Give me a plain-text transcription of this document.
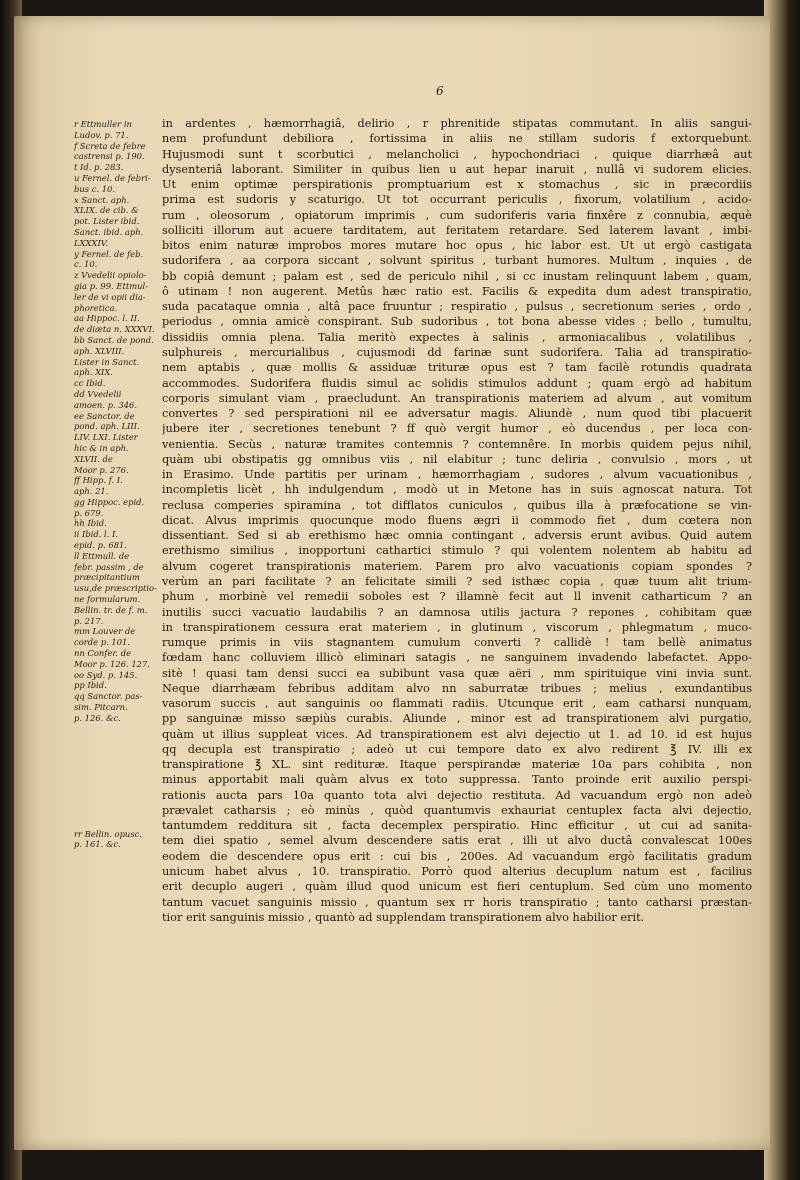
6

r Ettmuller in
Ludov. p. 71.
f Screta de febre
castrensi p. 190.
t Id. p. 283.
u Fernel. de febri-
bus c. 10.
x Sanct. aph.
XLIX. de cib. &
pot. Lister ibid.
Sanct. ibid. aph.
LXXXIV.
y Fernel. de feb.
c. 10.
z Vvedelii opiolo-
gia p. 99. Ettmul-
ler de vi opii dia-
phoretica.
aa Hippoc. l. II.
de diæta n. XXXVI.
bb Sanct. de pond.
aph. XLVIII.
Lister in Sanct.
aph. XIX.
cc Ibid.
dd Vvedelii
amoen. p. 346.
ee Sanctor. de
pond. aph. LIII.
LIV. LXI. Lister
hic & in aph.
XLVII. de
Moor p. 276.
ff Hipp. f. I.
aph. 21.
gg Hippoc. epid.
p. 679.
hh Ibid.
ii Ibid. l. I.
epid. p. 681.
ll Ettmull. de
febr. passim , de
præcipitantium
usu,de præscriptio-
ne formularum.
Bellin. tr. de f. m.
p. 217.
mm Louver de
corde p. 101.
nn Confer. de
Moor p. 126. 127.
oo Syd. p. 145.
pp Ibid.
qq Sanctor. pas-
sim. Pitcarn.
p. 126. &c.
rr Bellin. opusc.
p. 161. &c.
in ardentes , hæmorrhagiâ, delirio , r phrenitide stipatas commutant. In aliis sangui-
nem profundunt debiliora , fortissima in aliis ne stillam sudoris f extorquebunt.
Hujusmodi sunt t scorbutici , melancholici , hypochondriaci , quique diarrhæâ aut
dysenteriâ laborant. Similiter in quibus lien u aut hepar inaruit , nullâ vi sudorem elicies.
Ut enim optimæ perspirationis promptuarium est x stomachus , sic in præcordiis
prima est sudoris y scaturigo. Ut tot occurrant periculis , fixorum, volatilium , acido-
rum , oleosorum , opiatorum imprimis , cum sudoriferis varia finxêre z connubia, æquè
solliciti illorum aut acuere tarditatem, aut feritatem retardare. Sed laterem lavant , imbi-
bitos enim naturæ improbos mores mutare hoc opus , hic labor est. Ut ut ergò castigata
sudorifera , aa corpora siccant , solvunt spiritus , turbant humores. Multum , inquies , de
bb copiâ demunt ; palam est , sed de periculo nihil , si cc inustam relinquunt labem , quam,
ô utinam ! non augerent. Metûs hæc ratio est. Facilis & expedita dum adest transpiratio,
suda pacataque omnia , altâ pace fruuntur ; respiratio , pulsus , secretionum series , ordo ,
periodus , omnia amicè conspirant. Sub sudoribus , tot bona abesse vides ; bello , tumultu,
dissidiis omnia plena. Talia meritò expectes à salinis , armoniacalibus , volatilibus ,
sulphureis , mercurialibus , cujusmodi dd farinæ sunt sudorifera. Talia ad transpiratio-
nem aptabis , quæ mollis & assiduæ trituræ opus est ? tam facilè rotundis quadrata
accommodes. Sudorifera fluidis simul ac solidis stimulos addunt ; quam ergò ad habitum
corporis simulant viam , praecludunt. An transpirationis materiem ad alvum , aut vomitum
convertes ? sed perspirationi nil ee adversatur magis. Aliundè , num quod tibi placuerit
jubere iter , secretiones tenebunt ? ff quò vergit humor , eò ducendus , per loca con-
venientia. Secùs , naturæ tramites contemnis ? contemnêre. In morbis quidem pejus nihil,
quàm ubi obstipatis gg omnibus viis , nil elabitur ; tunc deliria , convulsio , mors , ut
in Erasimo. Unde partitis per urinam , hæmorrhagiam , sudores , alvum vacuationibus ,
incompletis licèt , hh indulgendum , modò ut in Metone has in suis agnoscat natura. Tot
reclusa comperies spiramina , tot difflatos cuniculos , quibus illa à præfocatione se vin-
dicat. Alvus imprimis quocunque modo fluens ægri ii commodo fiet , dum cœtera non
dissentiant. Sed si ab erethismo hæc omnia contingant , adversis erunt avibus. Quid autem
erethismo similius , inopportuni cathartici stimulo ? qui volentem nolentem ab habitu ad
alvum cogeret transpirationis materiem. Parem pro alvo vacuationis copiam spondes ?
verùm an pari facilitate ? an felicitate simili ? sed isthæc copia , quæ tuum alit trium-
phum , morbinè vel remedii soboles est ? illamnè fecit aut ll invenit catharticum ? an
inutilis succi vacuatio laudabilis ? an damnosa utilis jactura ? repones , cohibitam quæ
in transpirationem cessura erat materiem , in glutinum , viscorum , phlegmatum , muco-
rumque primis in viis stagnantem cumulum converti ? callidè ! tam bellè animatus
fœdam hanc colluviem illicò eliminari satagis , ne sanguinem invadendo labefactet. Appo-
sitè ! quasi tam densi succi ea subibunt vasa quæ aëri , mm spirituique vini invia sunt.
Neque diarrhæam febribus additam alvo nn saburratæ tribues ; melius , exundantibus
vasorum succis , aut sanguinis oo flammati radiis. Utcunque erit , eam catharsi nunquam,
pp sanguinæ misso sæpiùs curabis. Aliunde , minor est ad transpirationem alvi purgatio,
quàm ut illius suppleat vices. Ad transpirationem est alvi dejectio ut 1. ad 10. id est hujus
qq decupla est transpiratio ; adeò ut cui tempore dato ex alvo redirent ℥ IV. illi ex
transpiratione ℥ XL. sint redituræ. Itaque perspirandæ materiæ 10a pars cohibita , non
minus apportabit mali quàm alvus ex toto suppressa. Tanto proinde erit auxilio perspi-
rationis aucta pars 10a quanto tota alvi dejectio restituta. Ad vacuandum ergò non adeò
prævalet catharsis ; eò minùs , quòd quantumvis exhauriat centuplex facta alvi dejectio,
tantumdem redditura sit , facta decemplex perspiratio. Hinc efficitur , ut cui ad sanita-
tem diei spatio , semel alvum descendere satis erat , illi ut alvo ductâ convalescat 100es
eodem die descendere opus erit : cui bis , 200es. Ad vacuandum ergò facilitatis gradum
unicum habet alvus , 10. transpiratio. Porrò quod alterius decuplum natum est , facilius
erit decuplo augeri , quàm illud quod unicum est fieri centuplum. Sed cùm uno momento
tantum vacuet sanguinis missio , quantum sex rr horis transpiratio ; tanto catharsi præstan-
tior erit sanguinis missio , quantò ad supplendam transpirationem alvo habilior erit.
